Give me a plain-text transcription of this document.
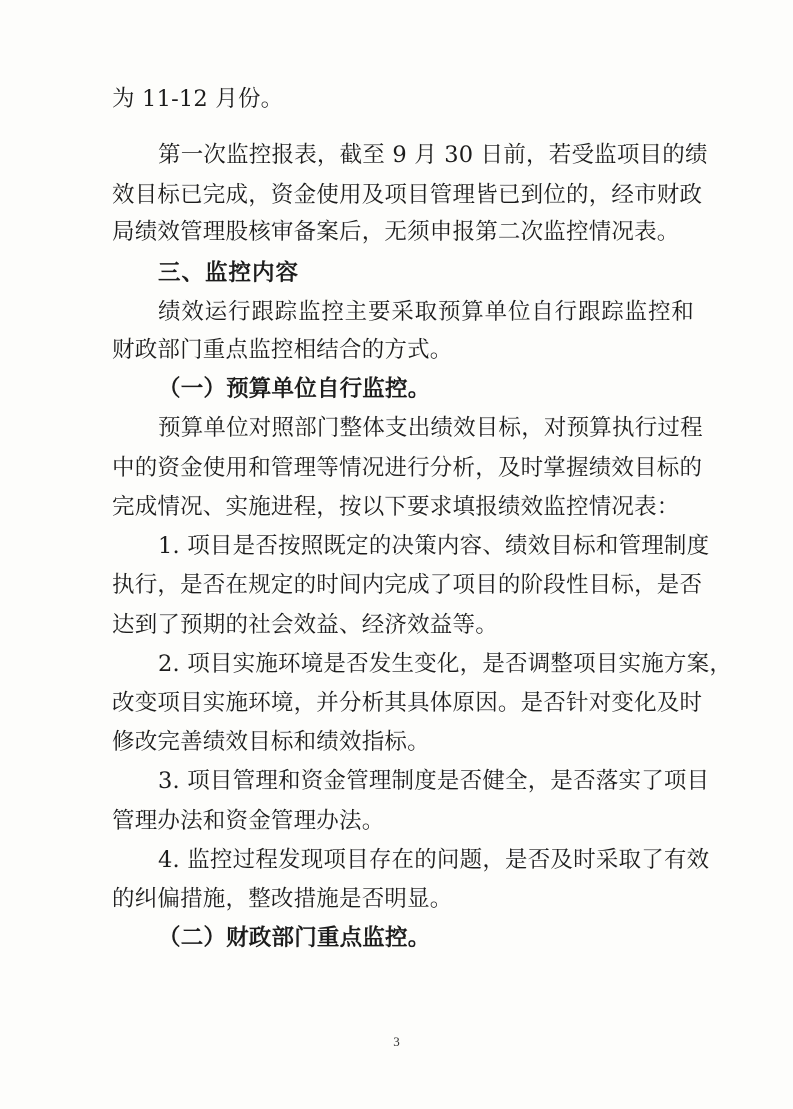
为 11-12 月份。
第一次监控报表，截至 9 月 30 日前，若受监项目的绩
效目标已完成，资金使用及项目管理皆已到位的，经市财政
局绩效管理股核审备案后，无须申报第二次监控情况表。
三、监控内容
绩效运行跟踪监控主要采取预算单位自行跟踪监控和
财政部门重点监控相结合的方式。
（一）预算单位自行监控。
预算单位对照部门整体支出绩效目标，对预算执行过程
中的资金使用和管理等情况进行分析，及时掌握绩效目标的
完成情况、实施进程，按以下要求填报绩效监控情况表：
1. 项目是否按照既定的决策内容、绩效目标和管理制度
执行，是否在规定的时间内完成了项目的阶段性目标，是否
达到了预期的社会效益、经济效益等。
2. 项目实施环境是否发生变化，是否调整项目实施方案，
改变项目实施环境，并分析其具体原因。是否针对变化及时
修改完善绩效目标和绩效指标。
3. 项目管理和资金管理制度是否健全，是否落实了项目
管理办法和资金管理办法。
4. 监控过程发现项目存在的问题，是否及时采取了有效
的纠偏措施，整改措施是否明显。
（二）财政部门重点监控。
3
